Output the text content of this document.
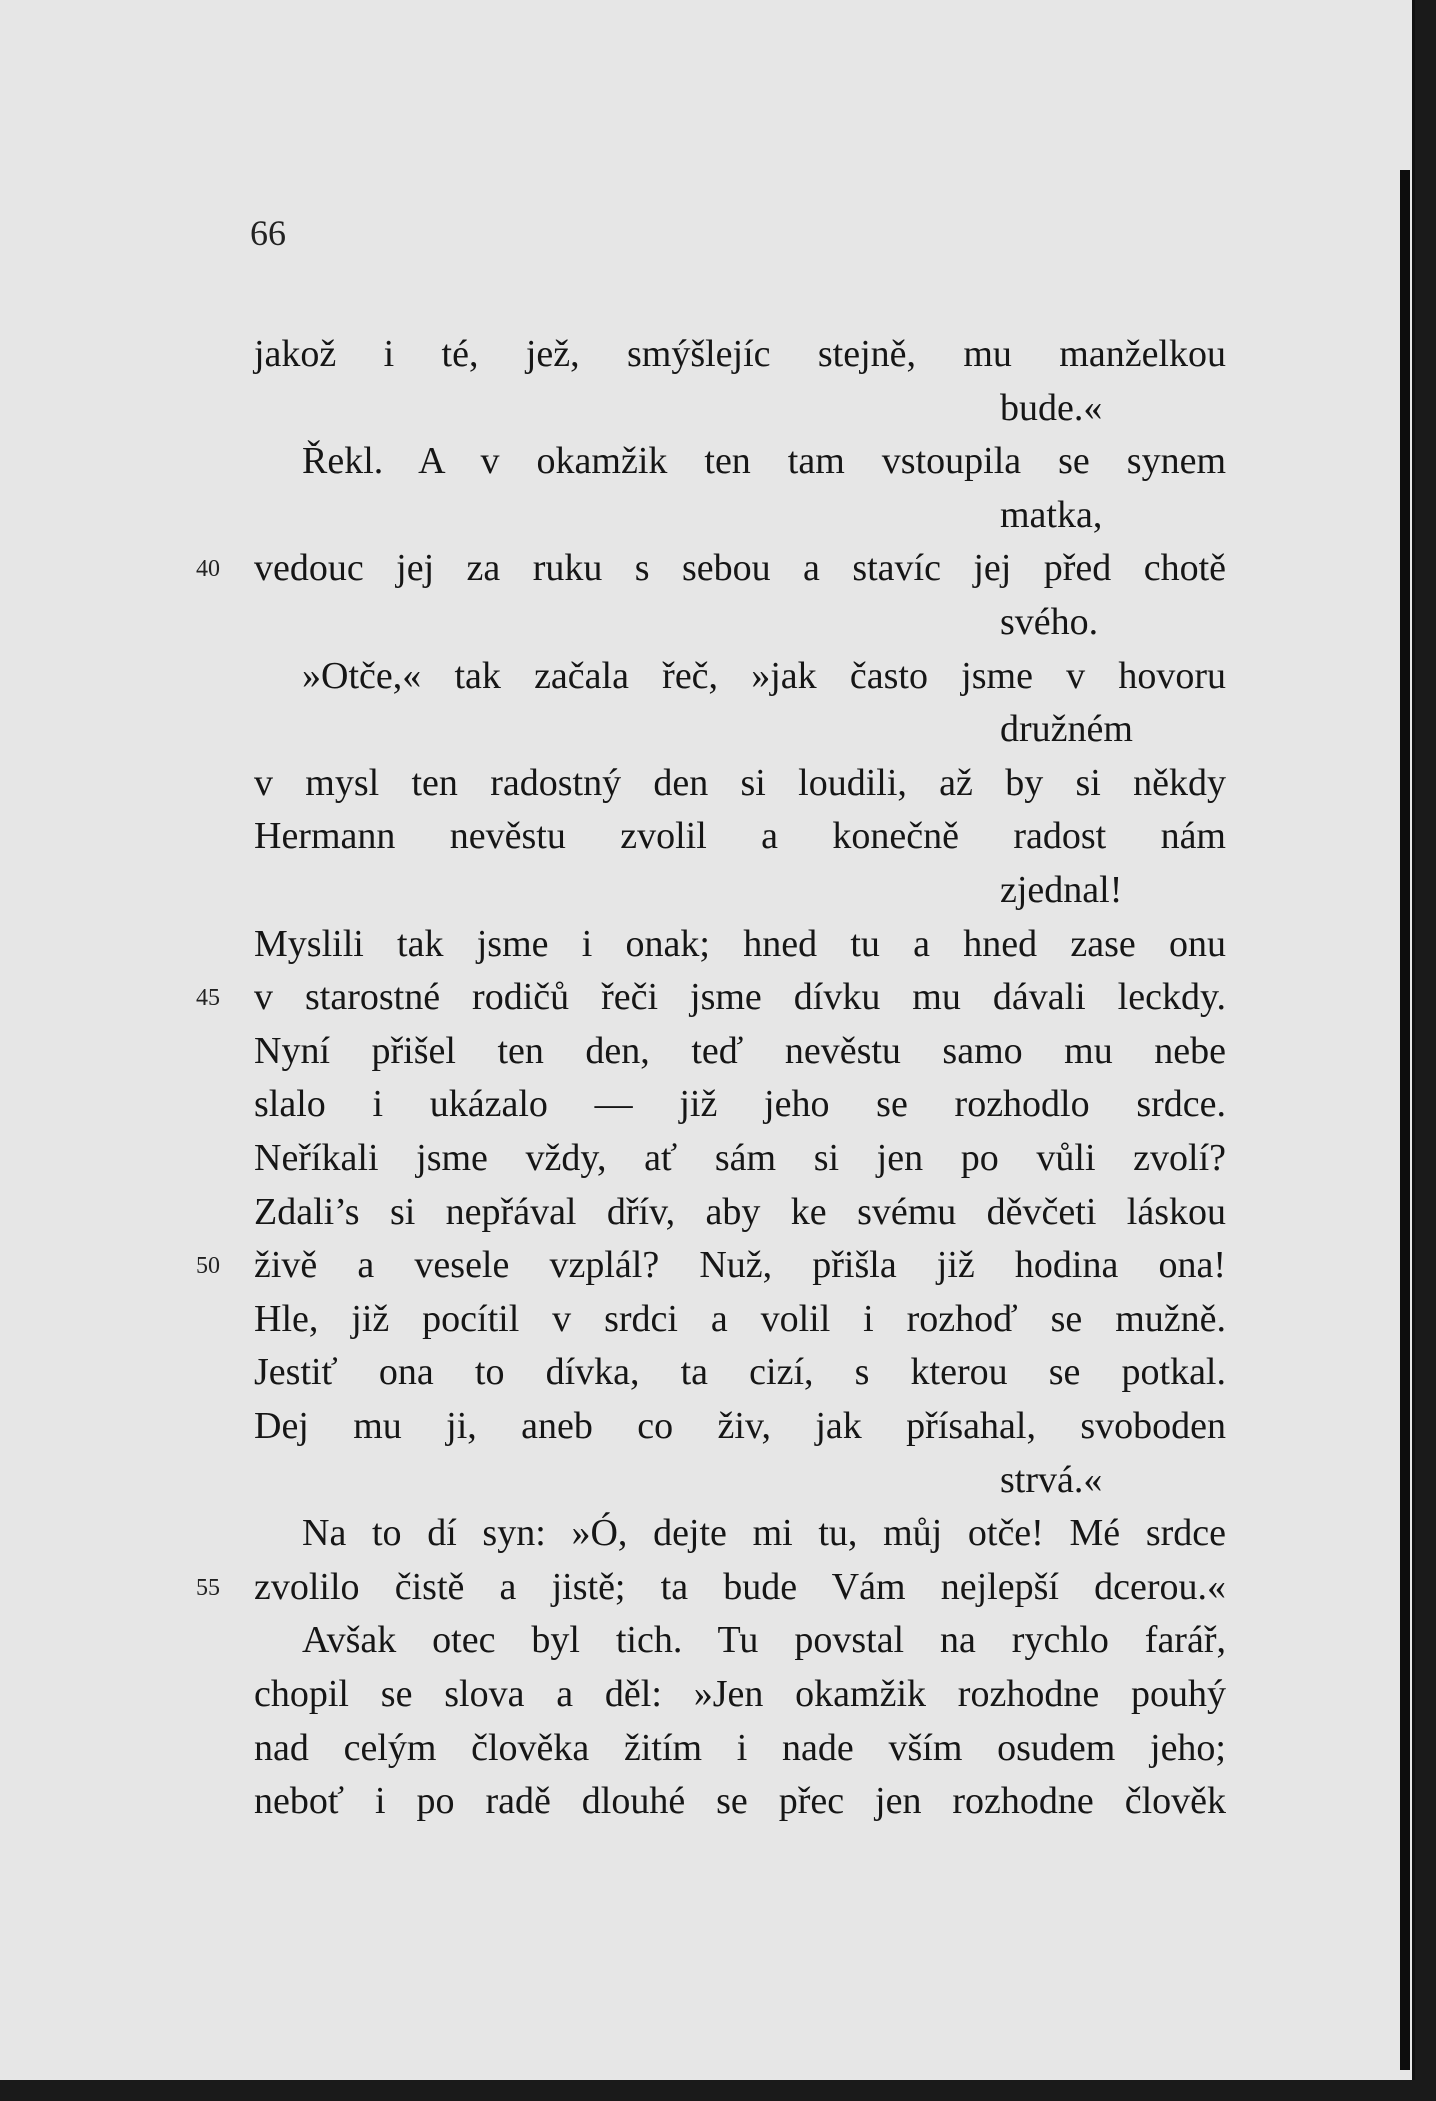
66
jakož i té, jež, smýšlejíc stejně, mu manželkou
bude.«
Řekl. A v okamžik ten tam vstoupila se synem
matka,
vedouc jej za ruku s sebou a stavíc jej před chotě
40
svého.
»Otče,« tak začala řeč, »jak často jsme v hovoru
družném
v mysl ten radostný den si loudili, až by si někdy
Hermann nevěstu zvolil a konečně radost nám
zjednal!
Myslili tak jsme i onak; hned tu a hned zase onu
v starostné rodičů řeči jsme dívku mu dávali leckdy.
45
Nyní přišel ten den, teď nevěstu samo mu nebe
slalo i ukázalo — již jeho se rozhodlo srdce.
Neříkali jsme vždy, ať sám si jen po vůli zvolí?
Zdali’s si nepřával dřív, aby ke svému děvčeti láskou
živě a vesele vzplál? Nuž, přišla již hodina ona!
50
Hle, již pocítil v srdci a volil i rozhoď se mužně.
Jestiť ona to dívka, ta cizí, s kterou se potkal.
Dej mu ji, aneb co živ, jak přísahal, svoboden
strvá.«
Na to dí syn: »Ó, dejte mi tu, můj otče! Mé srdce
zvolilo čistě a jistě; ta bude Vám nejlepší dcerou.«
55
Avšak otec byl tich. Tu povstal na rychlo farář,
chopil se slova a děl: »Jen okamžik rozhodne pouhý
nad celým člověka žitím i nade vším osudem jeho;
neboť i po radě dlouhé se přec jen rozhodne člověk
